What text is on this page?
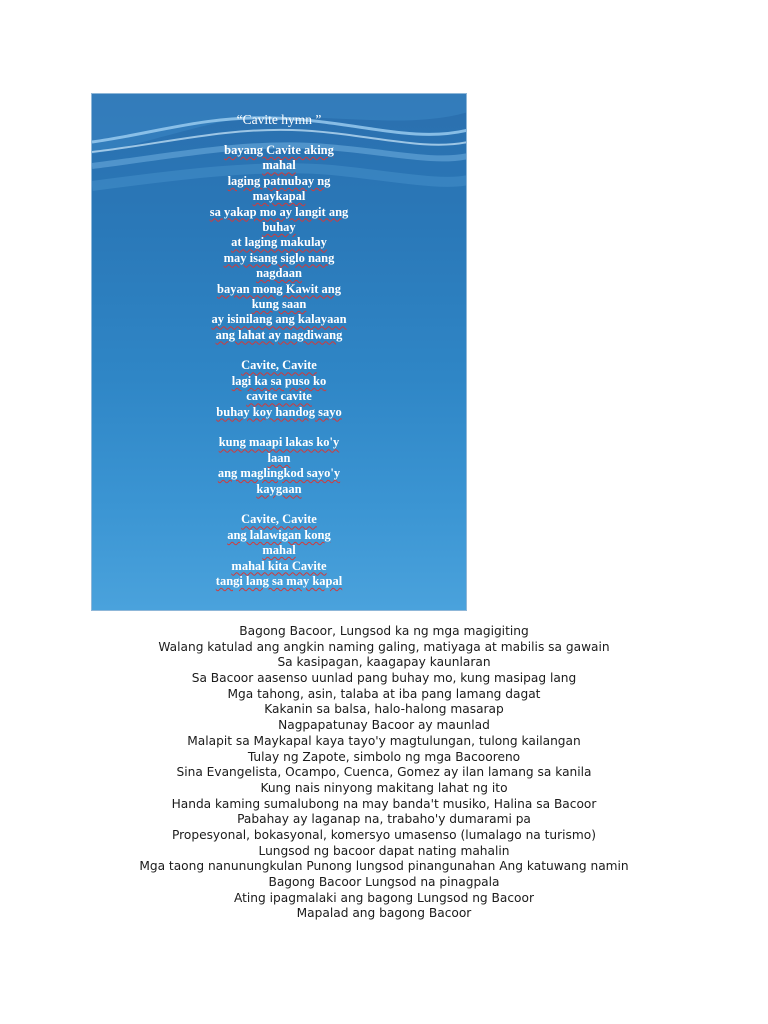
“Cavite hymn ”
bayang Cavite aking
mahal
laging patnubay ng
maykapal
sa yakap mo ay langit ang
buhay
at laging makulay
may isang siglo nang
nagdaan
bayan mong Kawit ang
kung saan
ay isinilang ang kalayaan
ang lahat ay nagdiwang
Cavite, Cavite
lagi ka sa puso ko
cavite cavite
buhay koy handog sayo
kung maapi lakas ko'y
laan
ang maglingkod sayo'y
kaygaan
Cavite, Cavite
ang lalawigan kong
mahal
mahal kita Cavite
tangi lang sa may kapal
Bagong Bacoor, Lungsod ka ng mga magigiting
Walang katulad ang angkin naming galing, matiyaga at mabilis sa gawain
Sa kasipagan, kaagapay kaunlaran
Sa Bacoor aasenso uunlad pang buhay mo, kung masipag lang
Mga tahong, asin, talaba at iba pang lamang dagat
Kakanin sa balsa, halo-halong masarap
Nagpapatunay Bacoor ay maunlad
Malapit sa Maykapal kaya tayo'y magtulungan, tulong kailangan
Tulay ng Zapote, simbolo ng mga Bacooreno
Sina Evangelista, Ocampo, Cuenca, Gomez ay ilan lamang sa kanila
Kung nais ninyong makitang lahat ng ito
Handa kaming sumalubong na may banda't musiko, Halina sa Bacoor
Pabahay ay laganap na, trabaho'y dumarami pa
Propesyonal, bokasyonal, komersyo umasenso (lumalago na turismo)
Lungsod ng bacoor dapat nating mahalin
Mga taong nanunungkulan Punong lungsod pinangunahan Ang katuwang namin
Bagong Bacoor Lungsod na pinagpala
Ating ipagmalaki ang bagong Lungsod ng Bacoor
Mapalad ang bagong Bacoor
